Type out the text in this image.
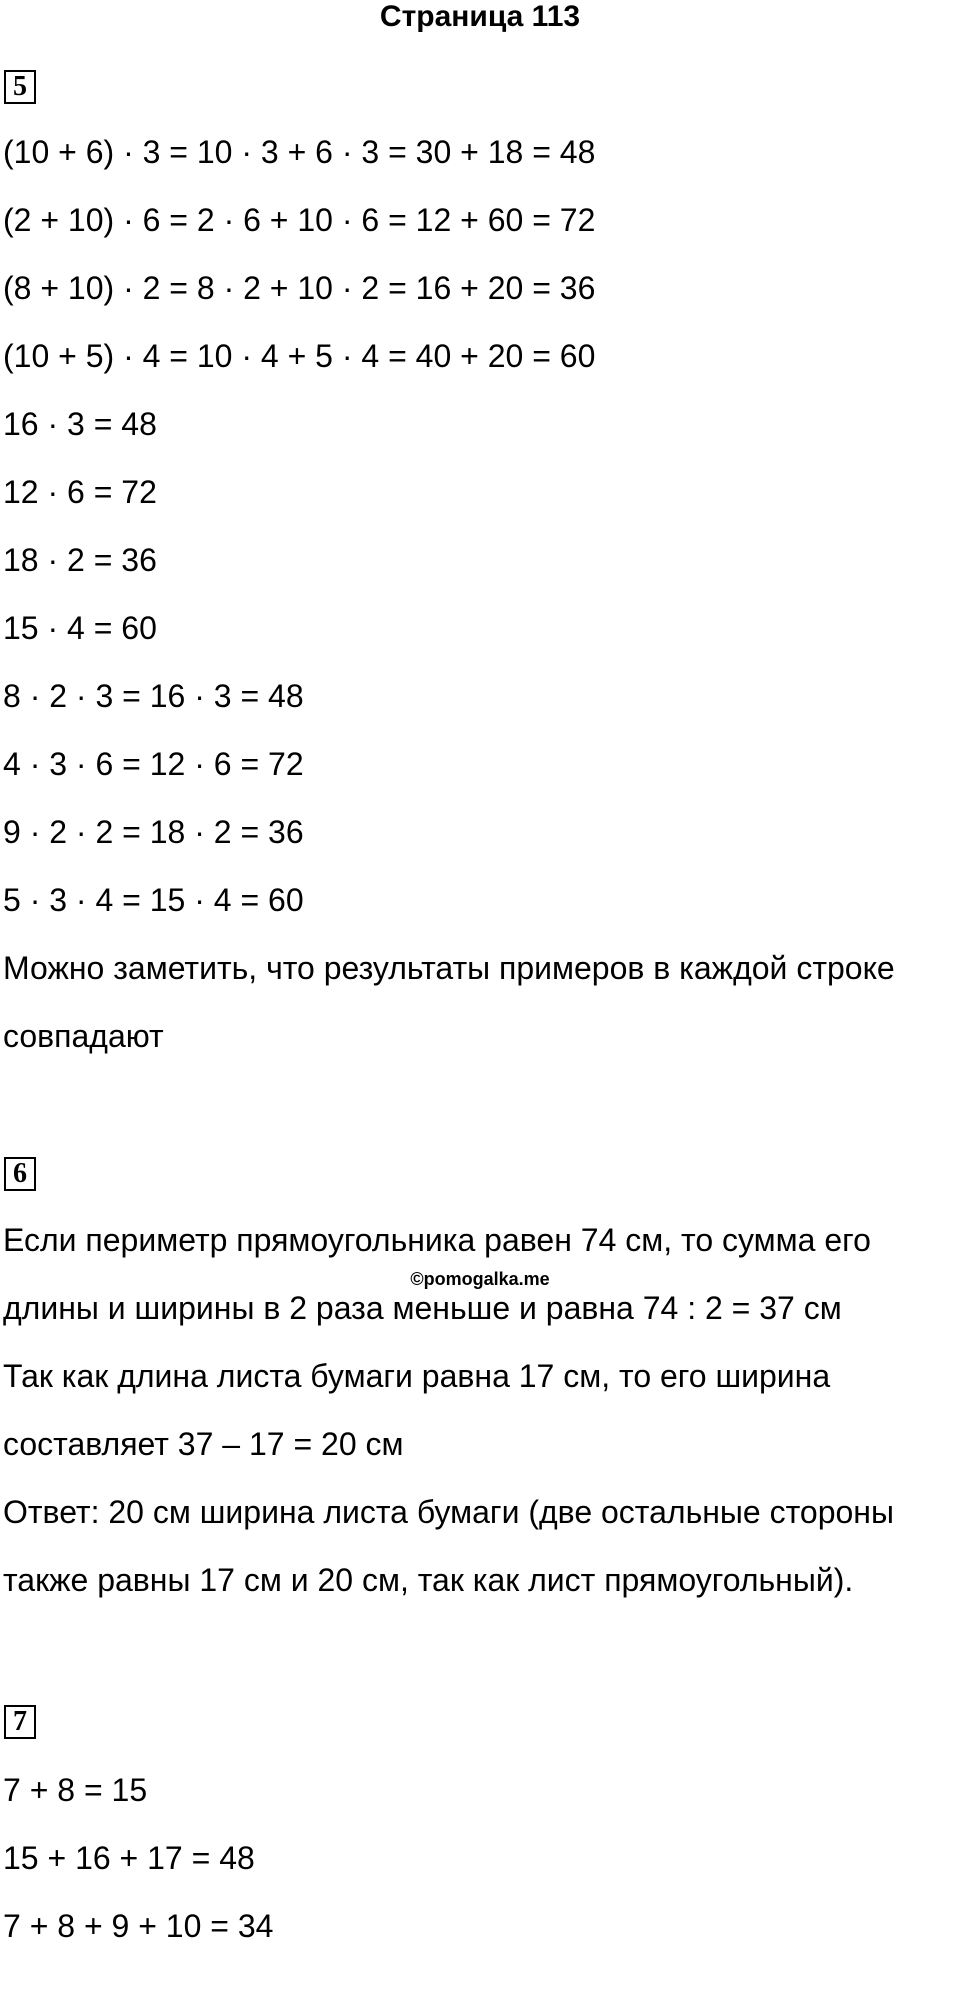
Страница 113
5
(10 + 6) · 3 = 10 · 3 + 6 · 3 = 30 + 18 = 48
(2 + 10) · 6 = 2 · 6 + 10 · 6 = 12 + 60 = 72
(8 + 10) · 2 = 8 · 2 + 10 · 2 = 16 + 20 = 36
(10 + 5) · 4 = 10 · 4 + 5 · 4 = 40 + 20 = 60
16 · 3 = 48
12 · 6 = 72
18 · 2 = 36
15 · 4 = 60
8 · 2 · 3 = 16 · 3 = 48
4 · 3 · 6 = 12 · 6 = 72
9 · 2 · 2 = 18 · 2 = 36
5 · 3 · 4 = 15 · 4 = 60
Можно заметить, что результаты примеров в каждой строке
совпадают
6
Если периметр прямоугольника равен 74 см, то сумма его
©pomogalka.me
длины и ширины в 2 раза меньше и равна 74 : 2 = 37 см
Так как длина листа бумаги равна 17 см, то его ширина
составляет 37 – 17 = 20 см
Ответ: 20 см ширина листа бумаги (две остальные стороны
также равны 17 см и 20 см, так как лист прямоугольный).
7
7 + 8 = 15
15 + 16 + 17 = 48
7 + 8 + 9 + 10 = 34
